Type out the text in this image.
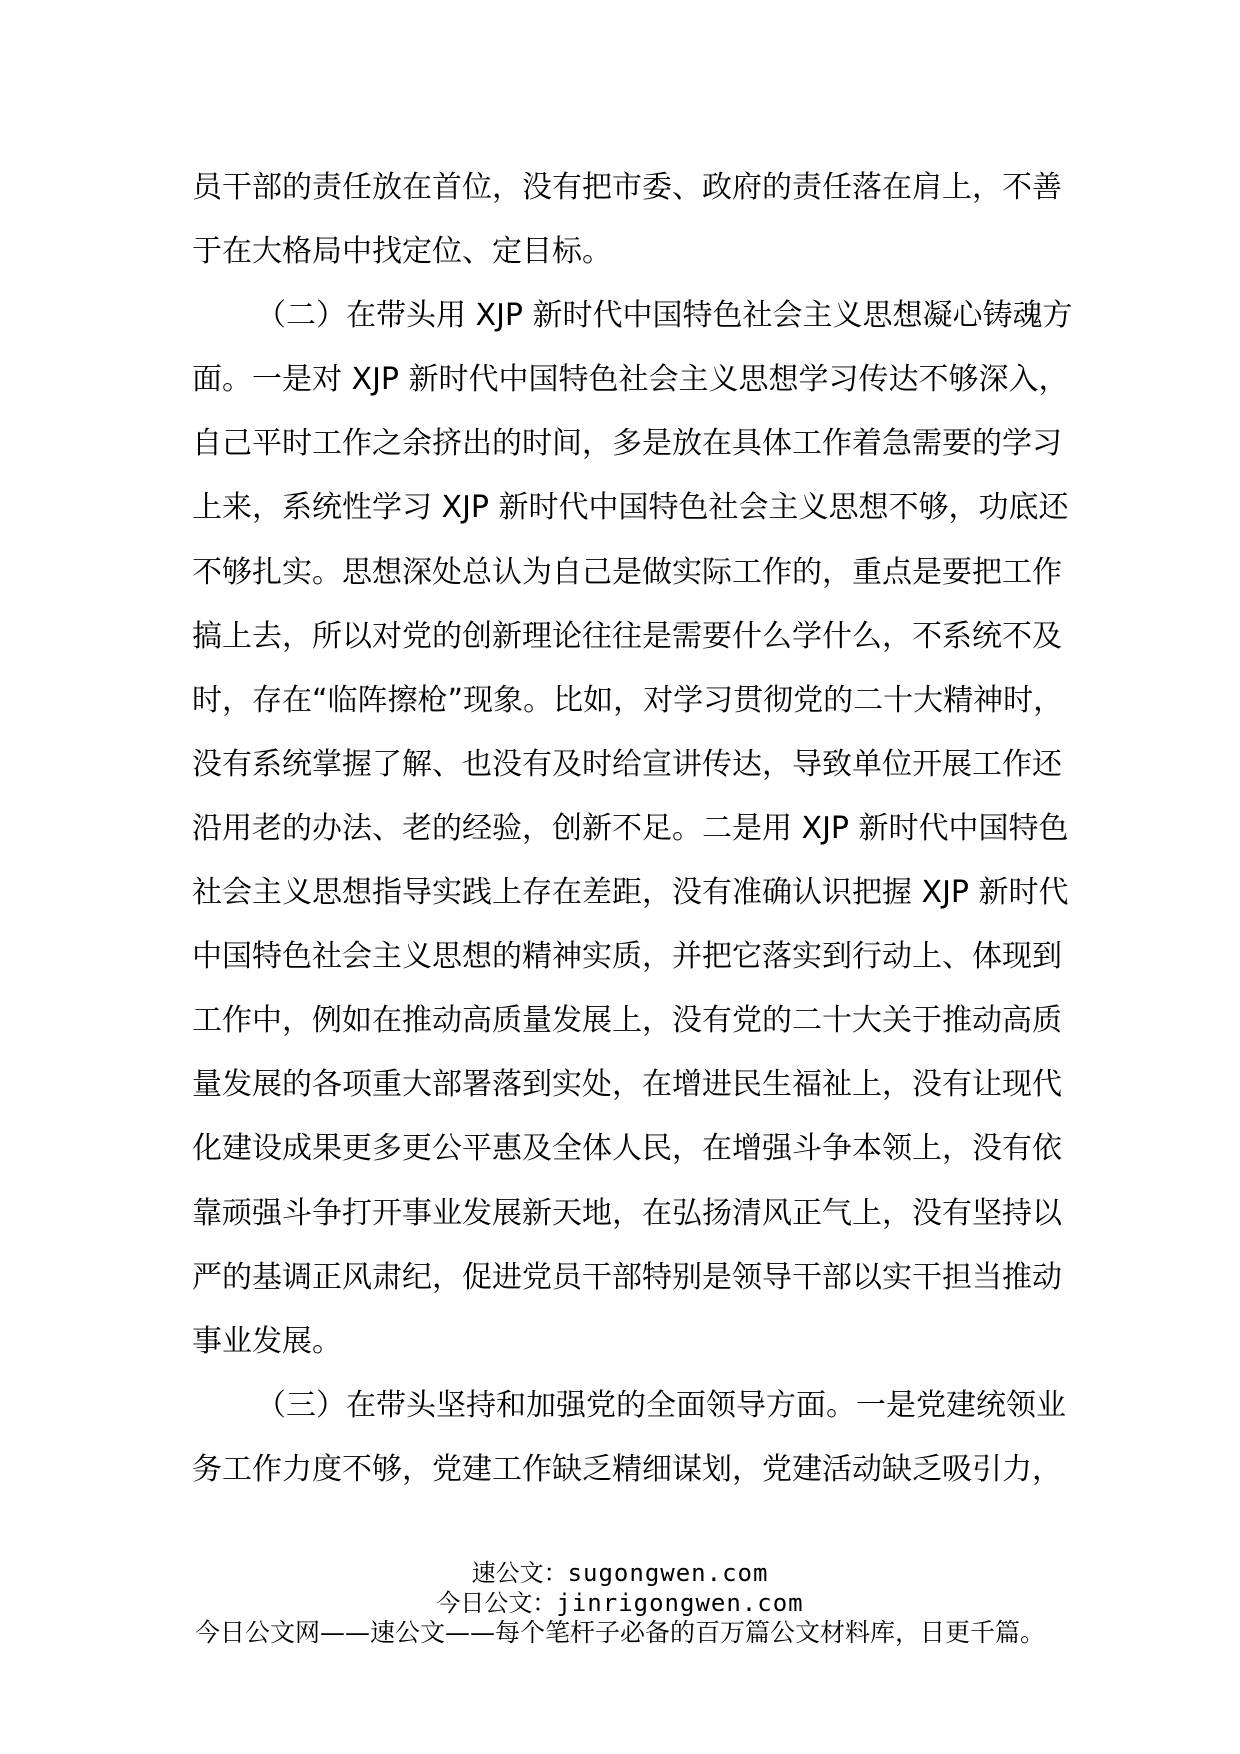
员干部的责任放在首位，没有把市委、政府的责任落在肩上，不善
于在大格局中找定位、定目标。
（二）在带头用 XJP 新时代中国特色社会主义思想凝心铸魂方
面。一是对 XJP 新时代中国特色社会主义思想学习传达不够深入，
自己平时工作之余挤出的时间，多是放在具体工作着急需要的学习
上来，系统性学习 XJP 新时代中国特色社会主义思想不够，功底还
不够扎实。思想深处总认为自己是做实际工作的，重点是要把工作
搞上去，所以对党的创新理论往往是需要什么学什么，不系统不及
时，存在“临阵擦枪”现象。比如，对学习贯彻党的二十大精神时，
没有系统掌握了解、也没有及时给宣讲传达，导致单位开展工作还
沿用老的办法、老的经验，创新不足。二是用 XJP 新时代中国特色
社会主义思想指导实践上存在差距，没有准确认识把握 XJP 新时代
中国特色社会主义思想的精神实质，并把它落实到行动上、体现到
工作中，例如在推动高质量发展上，没有党的二十大关于推动高质
量发展的各项重大部署落到实处，在增进民生福祉上，没有让现代
化建设成果更多更公平惠及全体人民，在增强斗争本领上，没有依
靠顽强斗争打开事业发展新天地，在弘扬清风正气上，没有坚持以
严的基调正风肃纪，促进党员干部特别是领导干部以实干担当推动
事业发展。
（三）在带头坚持和加强党的全面领导方面。一是党建统领业
务工作力度不够，党建工作缺乏精细谋划，党建活动缺乏吸引力，
速公文：sugongwen.com
今日公文：jinrigongwen.com
今日公文网——速公文——每个笔杆子必备的百万篇公文材料库，日更千篇。
